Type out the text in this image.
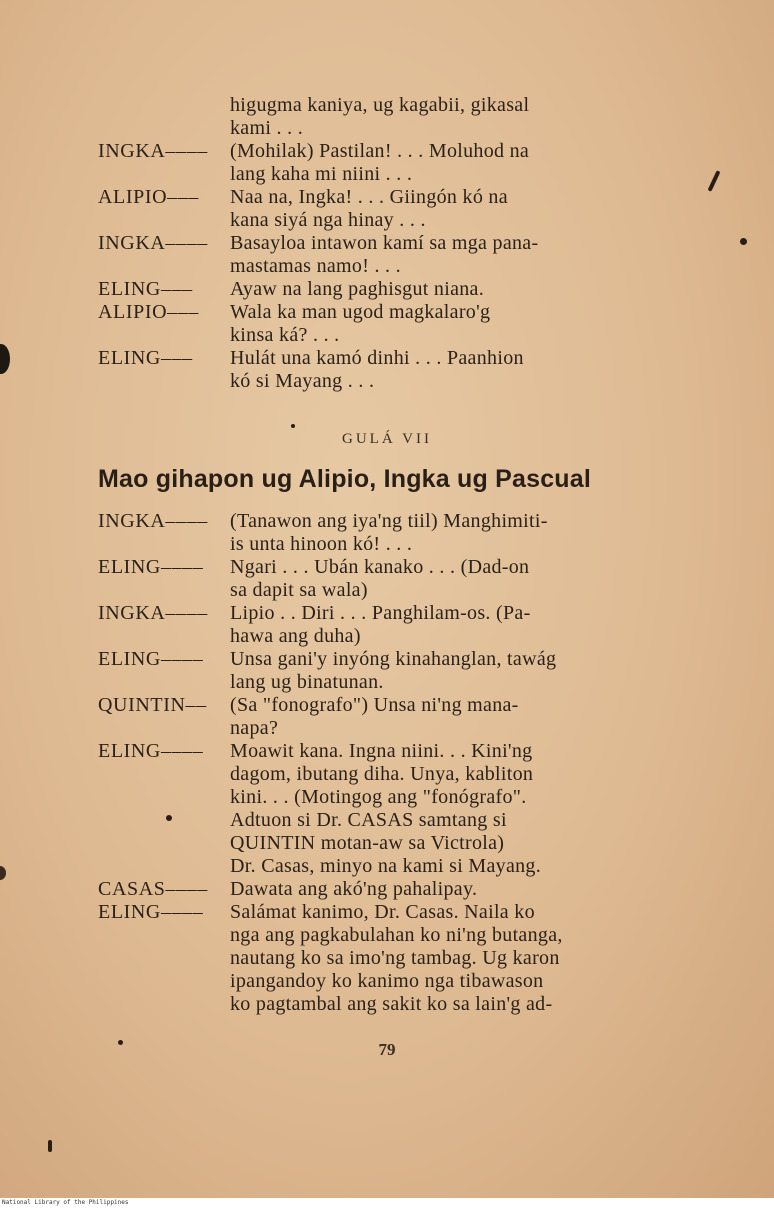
higugma kaniya, ug kagabii, gikasal
kami . . .
INGKA–––– (Mohilak) Pastilan! . . . Moluhod na
lang kaha mi niini . . .
ALIPIO––– Naa na, Ingka! . . . Giingón kó na
kana siyá nga hinay . . .
INGKA–––– Basayloa intawon kamí sa mga pana-
mastamas namo! . . .
ELING––– Ayaw na lang paghisgut niana.
ALIPIO––– Wala ka man ugod magkalaro'g
kinsa ká? . . .
ELING––– Hulát una kamó dinhi . . . Paanhion
kó si Mayang . . .
GULÁ VII
Mao gihapon ug Alipio, Ingka ug Pascual
INGKA–––– (Tanawon ang iya'ng tiil) Manghimiti-
is unta hinoon kó! . . .
ELING–––– Ngari . . . Ubán kanako . . . (Dad-on
sa dapit sa wala)
INGKA–––– Lipio . . Diri . . . Panghilam-os. (Pa-
hawa ang duha)
ELING–––– Unsa gani'y inyóng kinahanglan, tawág
lang ug binatunan.
QUINTIN–– (Sa "fonografo") Unsa ni'ng mana-
napa?
ELING–––– Moawit kana. Ingna niini. . . Kini'ng
dagom, ibutang diha. Unya, kabliton
kini. . . (Motingog ang "fonógrafo".
Adtuon si Dr. CASAS samtang si
QUINTIN motan-aw sa Victrola)
Dr. Casas, minyo na kami si Mayang.
CASAS–––– Dawata ang akó'ng pahalipay.
ELING–––– Salámat kanimo, Dr. Casas. Naila ko
nga ang pagkabulahan ko ni'ng butanga,
nautang ko sa imo'ng tambag. Ug karon
ipangandoy ko kanimo nga tibawason
ko pagtambal ang sakit ko sa lain'g ad-
79
National Library of the Philippines
